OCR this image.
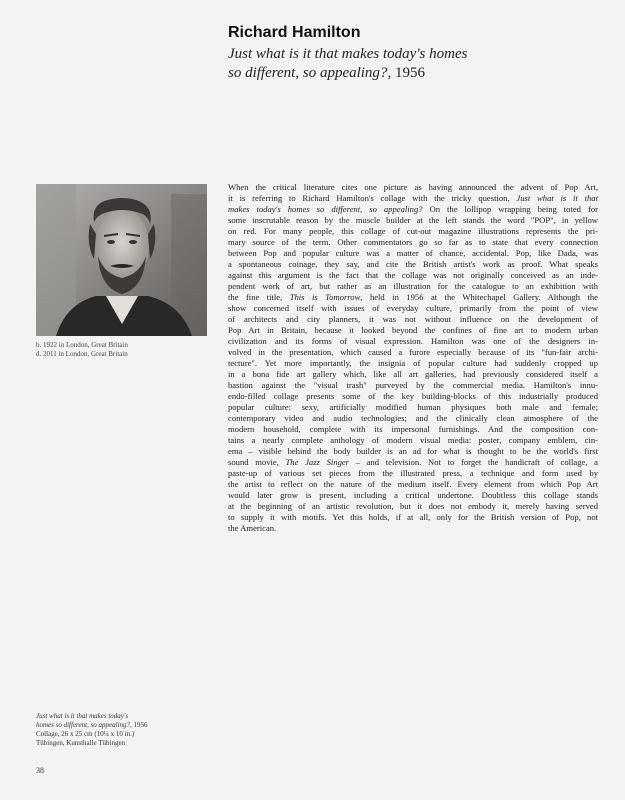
Richard Hamilton
Just what is it that makes today's homes
so different, so appealing?, 1956
b. 1922 in London, Great Britain
d. 2011 in London, Great Britain
When the critical literature cites one picture as having announced the advent of Pop Art,
it is referring to Richard Hamilton's collage with the tricky question, Just what is it that
makes today's homes so different, so appealing? On the lollipop wrapping being toted for
some inscrutable reason by the muscle builder at the left stands the word "POP", in yellow
on red. For many people, this collage of cut-out magazine illustrations represents the pri-
mary source of the term. Other commentators go so far as to state that every connection
between Pop and popular culture was a matter of chance, accidental. Pop, like Dada, was
a spontaneous coinage, they say, and cite the British artist's work as proof. What speaks
against this argument is the fact that the collage was not originally conceived as an inde-
pendent work of art, but rather as an illustration for the catalogue to an exhibition with
the fine title, This is Tomorrow, held in 1956 at the Whitechapel Gallery. Although the
show concerned itself with issues of everyday culture, primarily from the point of view
of architects and city planners, it was not without influence on the development of
Pop Art in Britain, because it looked beyond the confines of fine art to modern urban
civilization and its forms of visual expression. Hamilton was one of the designers in-
volved in the presentation, which caused a furore especially because of its "fun-fair archi-
tecture". Yet more importantly, the insignia of popular culture had suddenly cropped up
in a bona fide art gallery which, like all art galleries, had previously considered itself a
bastion against the "visual trash" purveyed by the commercial media. Hamilton's innu-
endo-filled collage presents some of the key building-blocks of this industrially produced
popular culture: sexy, artificially modified human physiques both male and female;
contemporary video and audio technologies; and the clinically clean atmosphere of the
modern household, complete with its impersonal furnishings. And the composition con-
tains a nearly complete anthology of modern visual media: poster, company emblem, cin-
ema – visible behind the body builder is an ad for what is thought to be the world's first
sound movie, The Jazz Singer – and television. Not to forget the handicraft of collage, a
paste-up of various set pieces from the illustrated press, a technique and form used by
the artist to reflect on the nature of the medium itself. Every element from which Pop Art
would later grow is present, including a critical undertone. Doubtless this collage stands
at the beginning of an artistic revolution, but it does not embody it, merely having served
to supply it with motifs. Yet this holds, if at all, only for the British version of Pop, not
the American.
Just what is it that makes today's
homes so different, so appealing?, 1956
Collage, 26 x 25 cm (10¼ x 10 in.)
Tübingen, Kunsthalle Tübingen
38
